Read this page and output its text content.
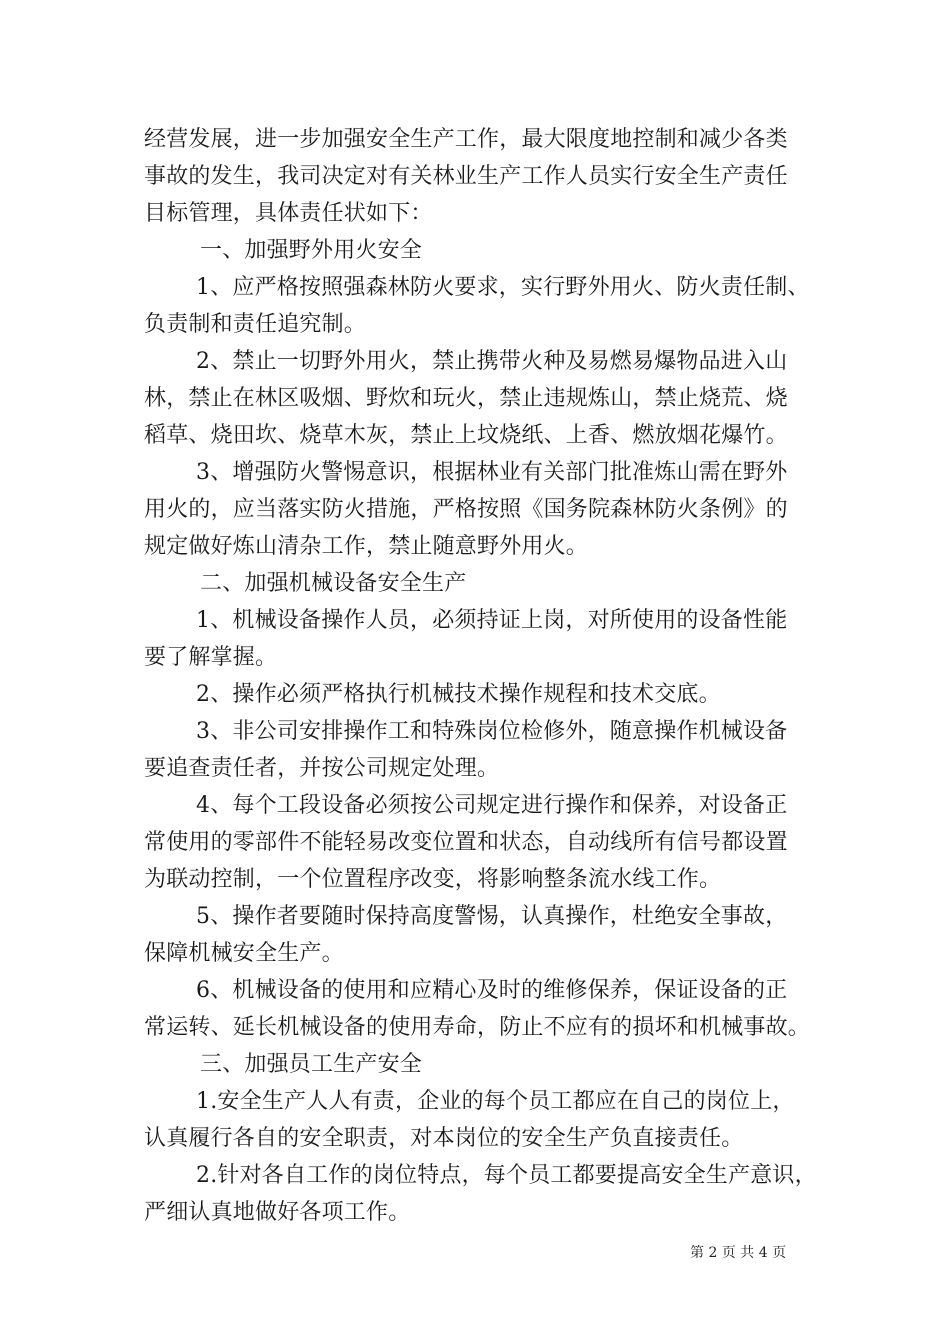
经营发展，进一步加强安全生产工作，最大限度地控制和减少各类
事故的发生，我司决定对有关林业生产工作人员实行安全生产责任
目标管理，具体责任状如下：
一、加强野外用火安全
1、应严格按照强森林防火要求，实行野外用火、防火责任制、
负责制和责任追究制。
2、禁止一切野外用火，禁止携带火种及易燃易爆物品进入山
林，禁止在林区吸烟、野炊和玩火，禁止违规炼山，禁止烧荒、烧
稻草、烧田坎、烧草木灰，禁止上坟烧纸、上香、燃放烟花爆竹。
3、增强防火警惕意识，根据林业有关部门批准炼山需在野外
用火的，应当落实防火措施，严格按照《国务院森林防火条例》的
规定做好炼山清杂工作，禁止随意野外用火。
二、加强机械设备安全生产
1、机械设备操作人员，必须持证上岗，对所使用的设备性能
要了解掌握。
2、操作必须严格执行机械技术操作规程和技术交底。
3、非公司安排操作工和特殊岗位检修外，随意操作机械设备
要追查责任者，并按公司规定处理。
4、每个工段设备必须按公司规定进行操作和保养，对设备正
常使用的零部件不能轻易改变位置和状态，自动线所有信号都设置
为联动控制，一个位置程序改变，将影响整条流水线工作。
5、操作者要随时保持高度警惕，认真操作，杜绝安全事故，
保障机械安全生产。
6、机械设备的使用和应精心及时的维修保养，保证设备的正
常运转、延长机械设备的使用寿命，防止不应有的损坏和机械事故。
三、加强员工生产安全
1.安全生产人人有责，企业的每个员工都应在自己的岗位上，
认真履行各自的安全职责，对本岗位的安全生产负直接责任。
2.针对各自工作的岗位特点，每个员工都要提高安全生产意识，
严细认真地做好各项工作。
第 2 页 共 4 页
